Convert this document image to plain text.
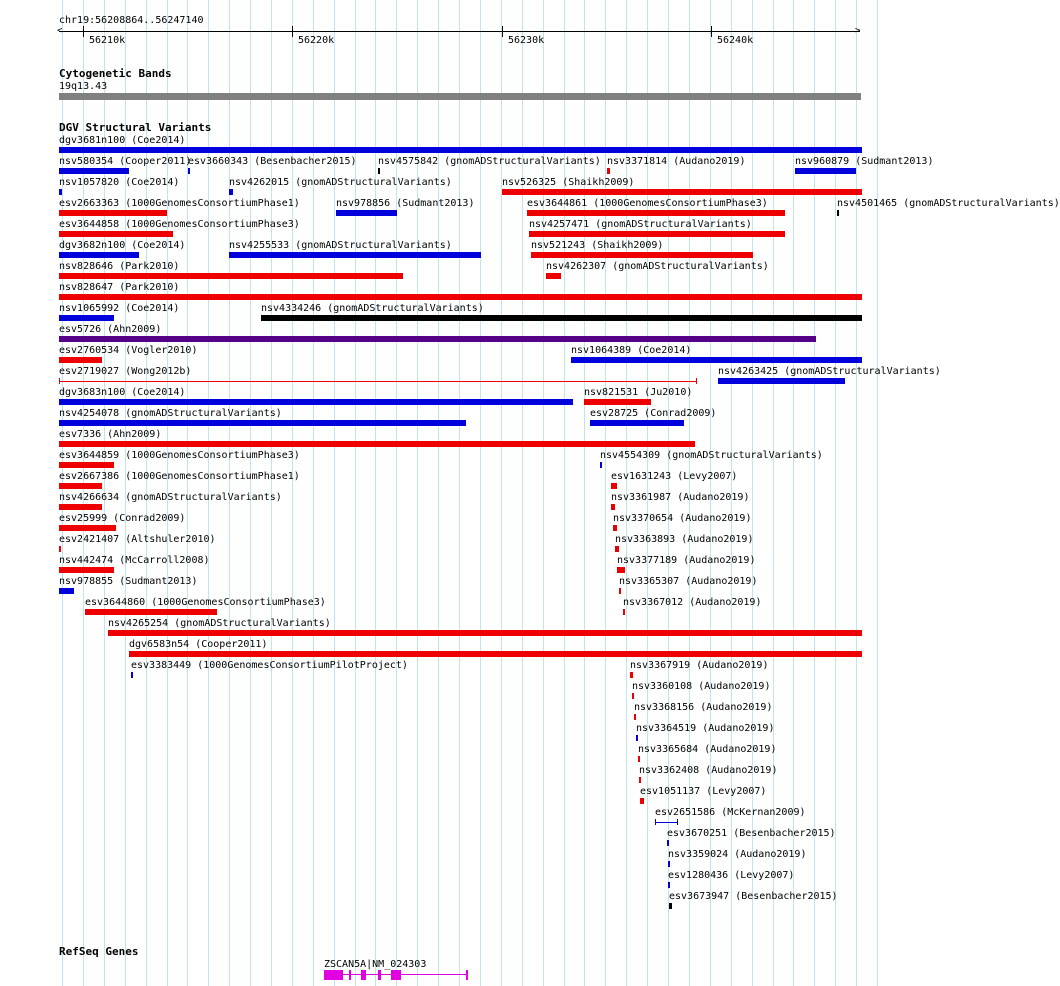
chr19:56208864..56247140
<	>
56210k	56220k	56230k	56240k
Cytogenetic Bands
19q13.43
DGV Structural Variants
dgv3681n100 (Coe2014)
nsv580354 (Cooper2011)
esv3660343 (Besenbacher2015) nsv4575842 (gnomADStructuralVariants) nsv3371814 (Audano2019)	nsv960879 (Sudmant2013)
nsv1057820 (Coe2014)	nsv4262015 (gnomADStructuralVariants)	nsv526325 (Shaikh2009)
esv2663363 (1000GenomesConsortiumPhase1)	nsv978856 (Sudmant2013)	esv3644861 (1000GenomesConsortiumPhase3)	nsv4501465 (gnomADStructuralVariants)
esv3644858 (1000GenomesConsortiumPhase3)	nsv4257471 (gnomADStructuralVariants)
dgv3682n100 (Coe2014)	nsv4255533 (gnomADStructuralVariants)	nsv521243 (Shaikh2009)
nsv828646 (Park2010)	nsv4262307 (gnomADStructuralVariants)
nsv828647 (Park2010)
nsv1065992 (Coe2014)	nsv4334246 (gnomADStructuralVariants)
esv5726 (Ahn2009)
esv2760534 (Vogler2010)	nsv1064389 (Coe2014)
esv2719027 (Wong2012b)	nsv4263425 (gnomADStructuralVariants)
dgv3683n100 (Coe2014)	nsv821531 (Ju2010)
nsv4254078 (gnomADStructuralVariants)	esv28725 (Conrad2009)
esv7336 (Ahn2009)
esv3644859 (1000GenomesConsortiumPhase3)	nsv4554309 (gnomADStructuralVariants)
esv2667386 (1000GenomesConsortiumPhase1)	esv1631243 (Levy2007)
nsv4266634 (gnomADStructuralVariants)	nsv3361987 (Audano2019)
esv25999 (Conrad2009)	nsv3370654 (Audano2019)
esv2421407 (Altshuler2010)	nsv3363893 (Audano2019)
nsv442474 (McCarroll2008)	nsv3377189 (Audano2019)
nsv978855 (Sudmant2013)	nsv3365307 (Audano2019)
esv3644860 (1000GenomesConsortiumPhase3)	nsv3367012 (Audano2019)
nsv4265254 (gnomADStructuralVariants)
dgv6583n54 (Cooper2011)
esv3383449 (1000GenomesConsortiumPilotProject)	nsv3367919 (Audano2019)
nsv3360108 (Audano2019)
nsv3368156 (Audano2019)
nsv3364519 (Audano2019)
nsv3365684 (Audano2019)
nsv3362408 (Audano2019)
esv1051137 (Levy2007)
esv2651586 (McKernan2009)
esv3670251 (Besenbacher2015)
nsv3359024 (Audano2019)
esv1280436 (Levy2007)
esv3673947 (Besenbacher2015)
RefSeq Genes
ZSCAN5A|NM_024303
